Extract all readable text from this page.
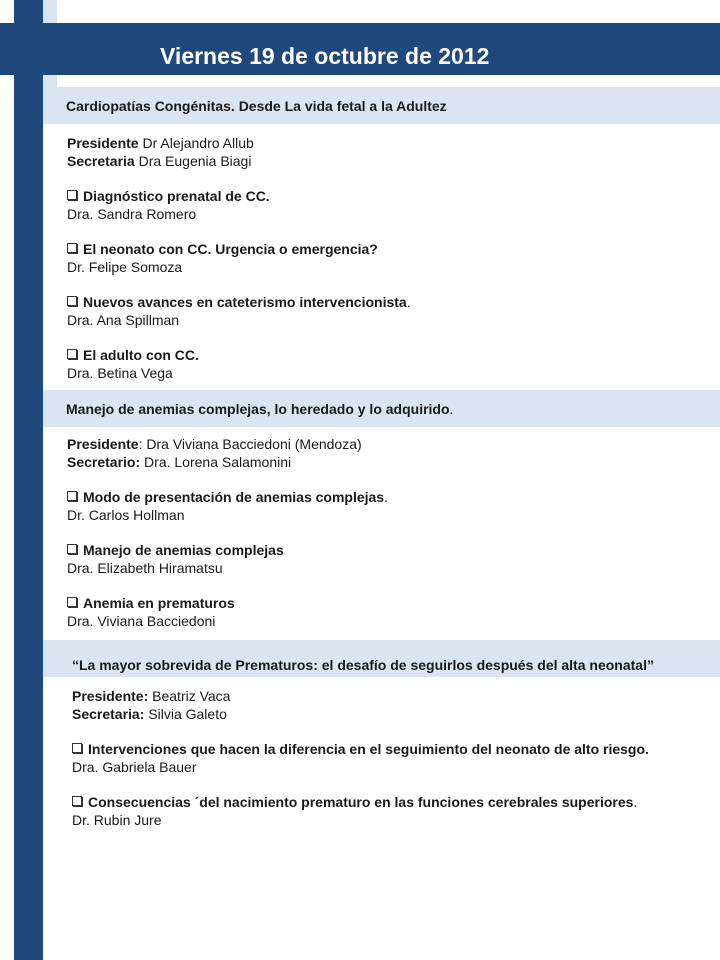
Viernes 19 de octubre de 2012
Cardiopatías Congénitas. Desde La vida fetal a la Adultez
Presidente Dr Alejandro Allub
Secretaria Dra Eugenia Biagi
Diagnóstico prenatal de CC.
Dra. Sandra Romero
El neonato con CC. Urgencia o emergencia?
Dr. Felipe Somoza
Nuevos avances en cateterismo intervencionista.
Dra. Ana Spillman
El adulto con CC.
Dra. Betina Vega
Manejo de anemias complejas, lo heredado y lo adquirido.
Presidente: Dra Viviana Bacciedoni (Mendoza)
Secretario: Dra. Lorena Salamonini
Modo de presentación de anemias complejas.
Dr. Carlos Hollman
Manejo de anemias complejas
Dra. Elizabeth Hiramatsu
Anemia en prematuros
Dra. Viviana Bacciedoni
“La mayor sobrevida de Prematuros: el desafío de seguirlos después del alta neonatal”
Presidente: Beatriz Vaca
Secretaria: Silvia Galeto
Intervenciones que hacen la diferencia en el seguimiento del neonato de alto riesgo.
Dra. Gabriela Bauer
Consecuencias ´del nacimiento prematuro en las funciones cerebrales superiores.
Dr. Rubin Jure
